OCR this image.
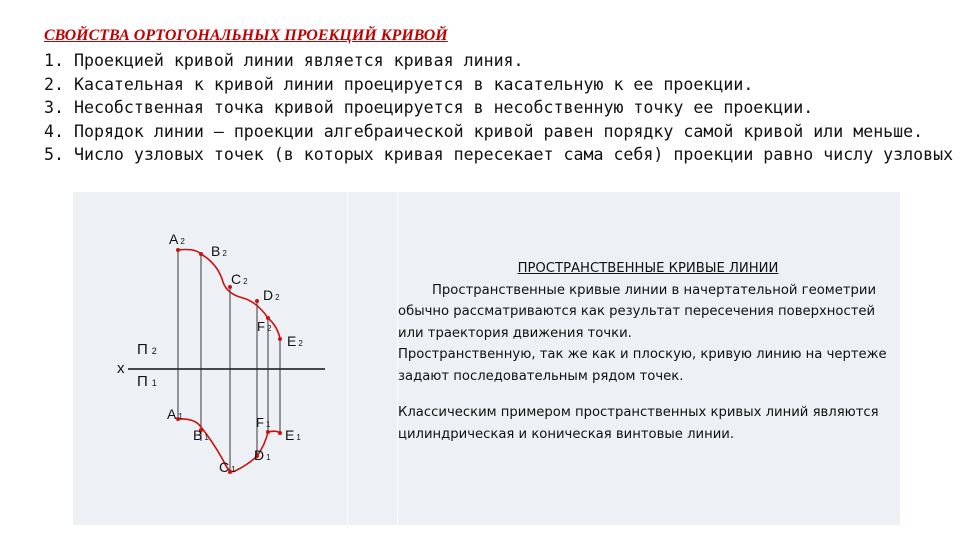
СВОЙСТВА ОРТОГОНАЛЬНЫХ ПРОЕКЦИЙ КРИВОЙ
1. Проекцией кривой линии является кривая линия.
2. Касательная к кривой линии проецируется в касательную к ее проекции.
3. Несобственная точка кривой проецируется в несобственную точку ее проекции.
4. Порядок линии – проекции алгебраической кривой равен порядку самой кривой или меньше.
5. Число узловых точек (в которых кривая пересекает сама себя) проекции равно числу узловых
x
П 2
П 1
A 2
B 2
C 2
D 2
F 2
E 2
A 1
B 1
C 1
D 1
F 1
E 1

ПРОСТРАНСТВЕННЫЕ КРИВЫЕ ЛИНИИ

Пространственные кривые линии в начертательной геометрии обычно рассматриваются как результат пересечения поверхностей или траектория движения точки.

Пространственную, так же как и плоскую, кривую линию на чертеже задают последовательным рядом точек.

Классическим примером пространственных кривых линий являются цилиндрическая и коническая винтовые линии.
